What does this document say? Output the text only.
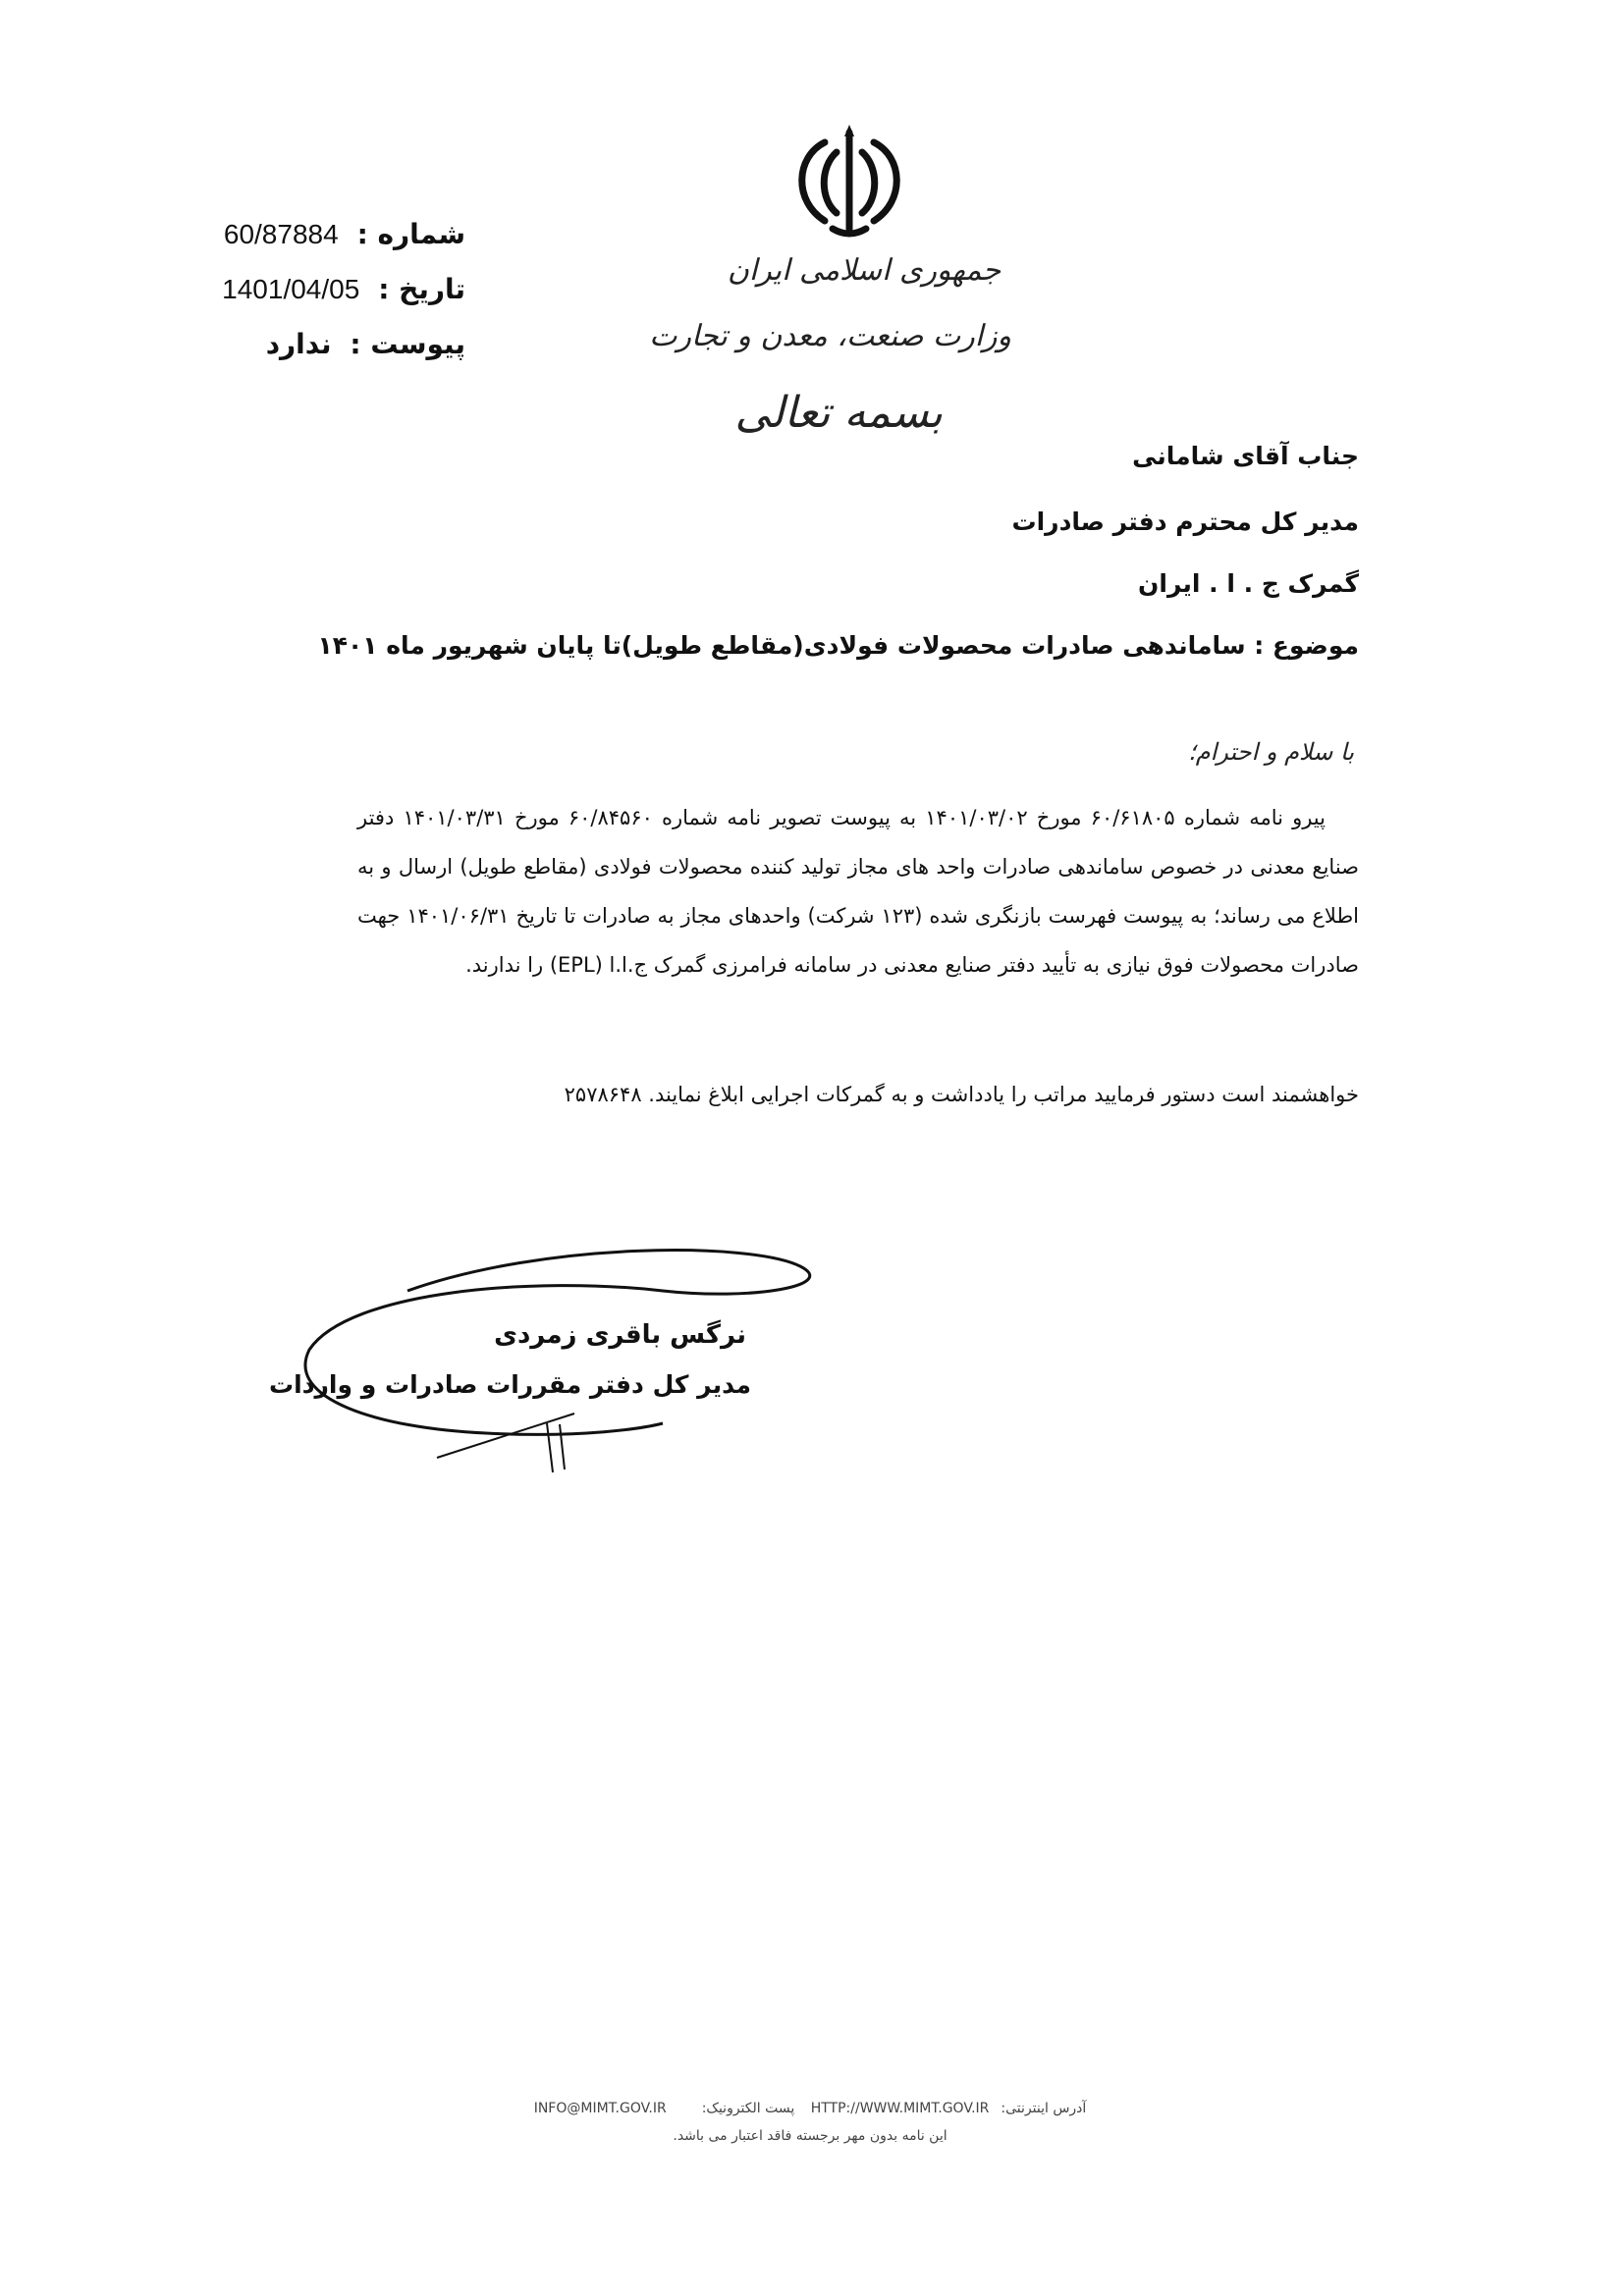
جمهوری اسلامی ایران
وزارت صنعت، معدن و تجارت
بسمه تعالی
شماره : 60/87884
تاریخ : 1401/04/05
پیوست : ندارد
جناب آقای شامانی
مدیر کل محترم دفتر صادرات
گمرک ج . ا . ایران
موضوع : ساماندهی صادرات محصولات فولادی(مقاطع طویل)تا پایان شهریور ماه ۱۴۰۱
با سلام و احترام؛

پیرو نامه شماره ۶۰/۶۱۸۰۵ مورخ ۱۴۰۱/۰۳/۰۲ به پیوست تصویر نامه شماره ۶۰/۸۴۵۶۰ مورخ ۱۴۰۱/۰۳/۳۱ دفتر صنایع معدنی در خصوص ساماندهی صادرات واحد های مجاز تولید کننده محصولات فولادی (مقاطع طویل) ارسال و به اطلاع می رساند؛ به پیوست فهرست بازنگری شده (۱۲۳ شرکت) واحدهای مجاز به صادرات تا تاریخ ۱۴۰۱/۰۶/۳۱ جهت صادرات محصولات فوق نیازی به تأیید دفتر صنایع معدنی در سامانه فرامرزی گمرک ج.ا.ا (EPL) را ندارند.

خواهشمند است دستور فرمایید مراتب را یادداشت و به گمرکات اجرایی ابلاغ نمایند. ۲۵۷۸۶۴۸
نرگس باقری زمردی
مدیر کل دفتر مقررات صادرات و واردات
آدرس اینترنتی:HTTP://WWW.MIMT.GOV.IR پست الکترونیک:INFO@MIMT.GOV.IR
این نامه بدون مهر برجسته فاقد اعتبار می باشد.
